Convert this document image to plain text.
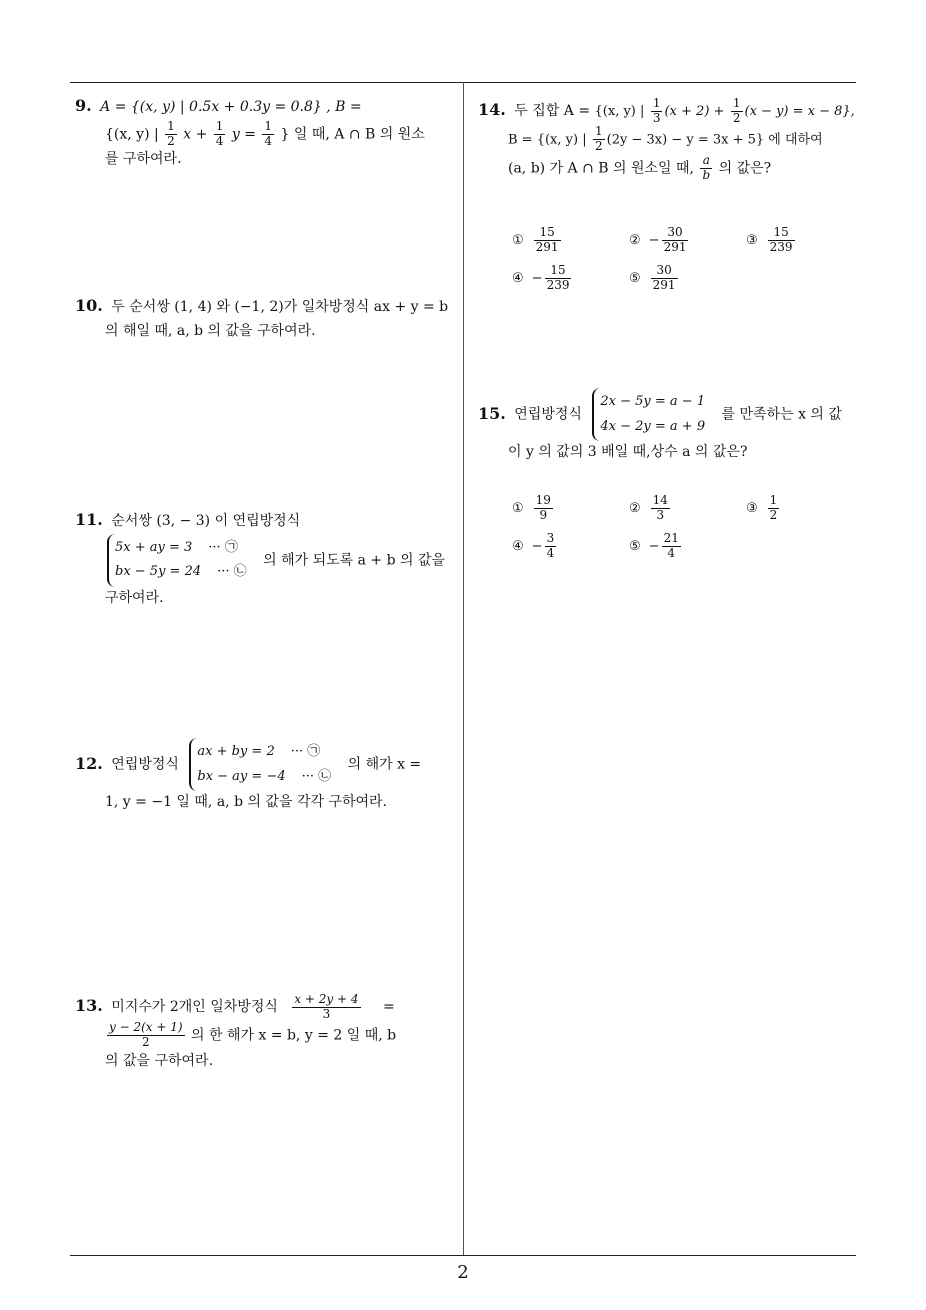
9. A = {(x, y) | 0.5x + 0.3y = 0.8} , B =
{(x, y) | $\frac{1}{2}$ $x + \frac{1}{4}$ $y = \frac{1}{4}$ } 일 때, A ∩ B 의 원소
를 구하여라.
10. 두 순서쌍 (1, 4) 와 (−1, 2)가 일차방정식 ax + y = b
의 해일 때, a, b 의 값을 구하여라.
11. 순서쌍 (3, − 3) 이 연립방정식
5x + ay = 3 ··· ㉠
bx − 5y = 24 ··· ㉡
의 해가 되도록 a + b 의 값을
구하여라.
12. 연립방정식
ax + by = 2 ··· ㉠
bx − ay = −4 ··· ㉡
의 해가 x =
1, y = −1 일 때, a, b 의 값을 각각 구하여라.
13. 미지수가 2개인 일차방정식 $\frac{x + 2y + 4}{3}$ =
$\frac{y - 2(x + 1)}{2}$ 의 한 해가 x = b, y = 2 일 때, b
의 값을 구하여라.
14. 두 집합 A = {(x, y) | $\frac{1}{3} (x + 2) + \frac{1}{2} (x - y) = x - 8$},
B = {(x, y) | $\frac{1}{2} (2y - 3x) - y = 3x + 5$} 에 대하여
(a, b) 가 A ∩ B 의 원소일 때, $\frac{a}{b}$ 의 값은?
① $\frac{15}{291}$	② − $\frac{30}{291}$	③ $\frac{15}{239}$
④ − $\frac{15}{239}$	⑤ $\frac{30}{291}$
15. 연립방정식
2x − 5y = a − 1
4x − 2y = a + 9
를 만족하는 x 의 값
이 y 의 값의 3 배일 때,상수 a 의 값은?
① $\frac{19}{9}$	② $\frac{14}{3}$	③ $\frac{1}{2}$
④ − $\frac{3}{4}$	⑤ − $\frac{21}{4}$
2
